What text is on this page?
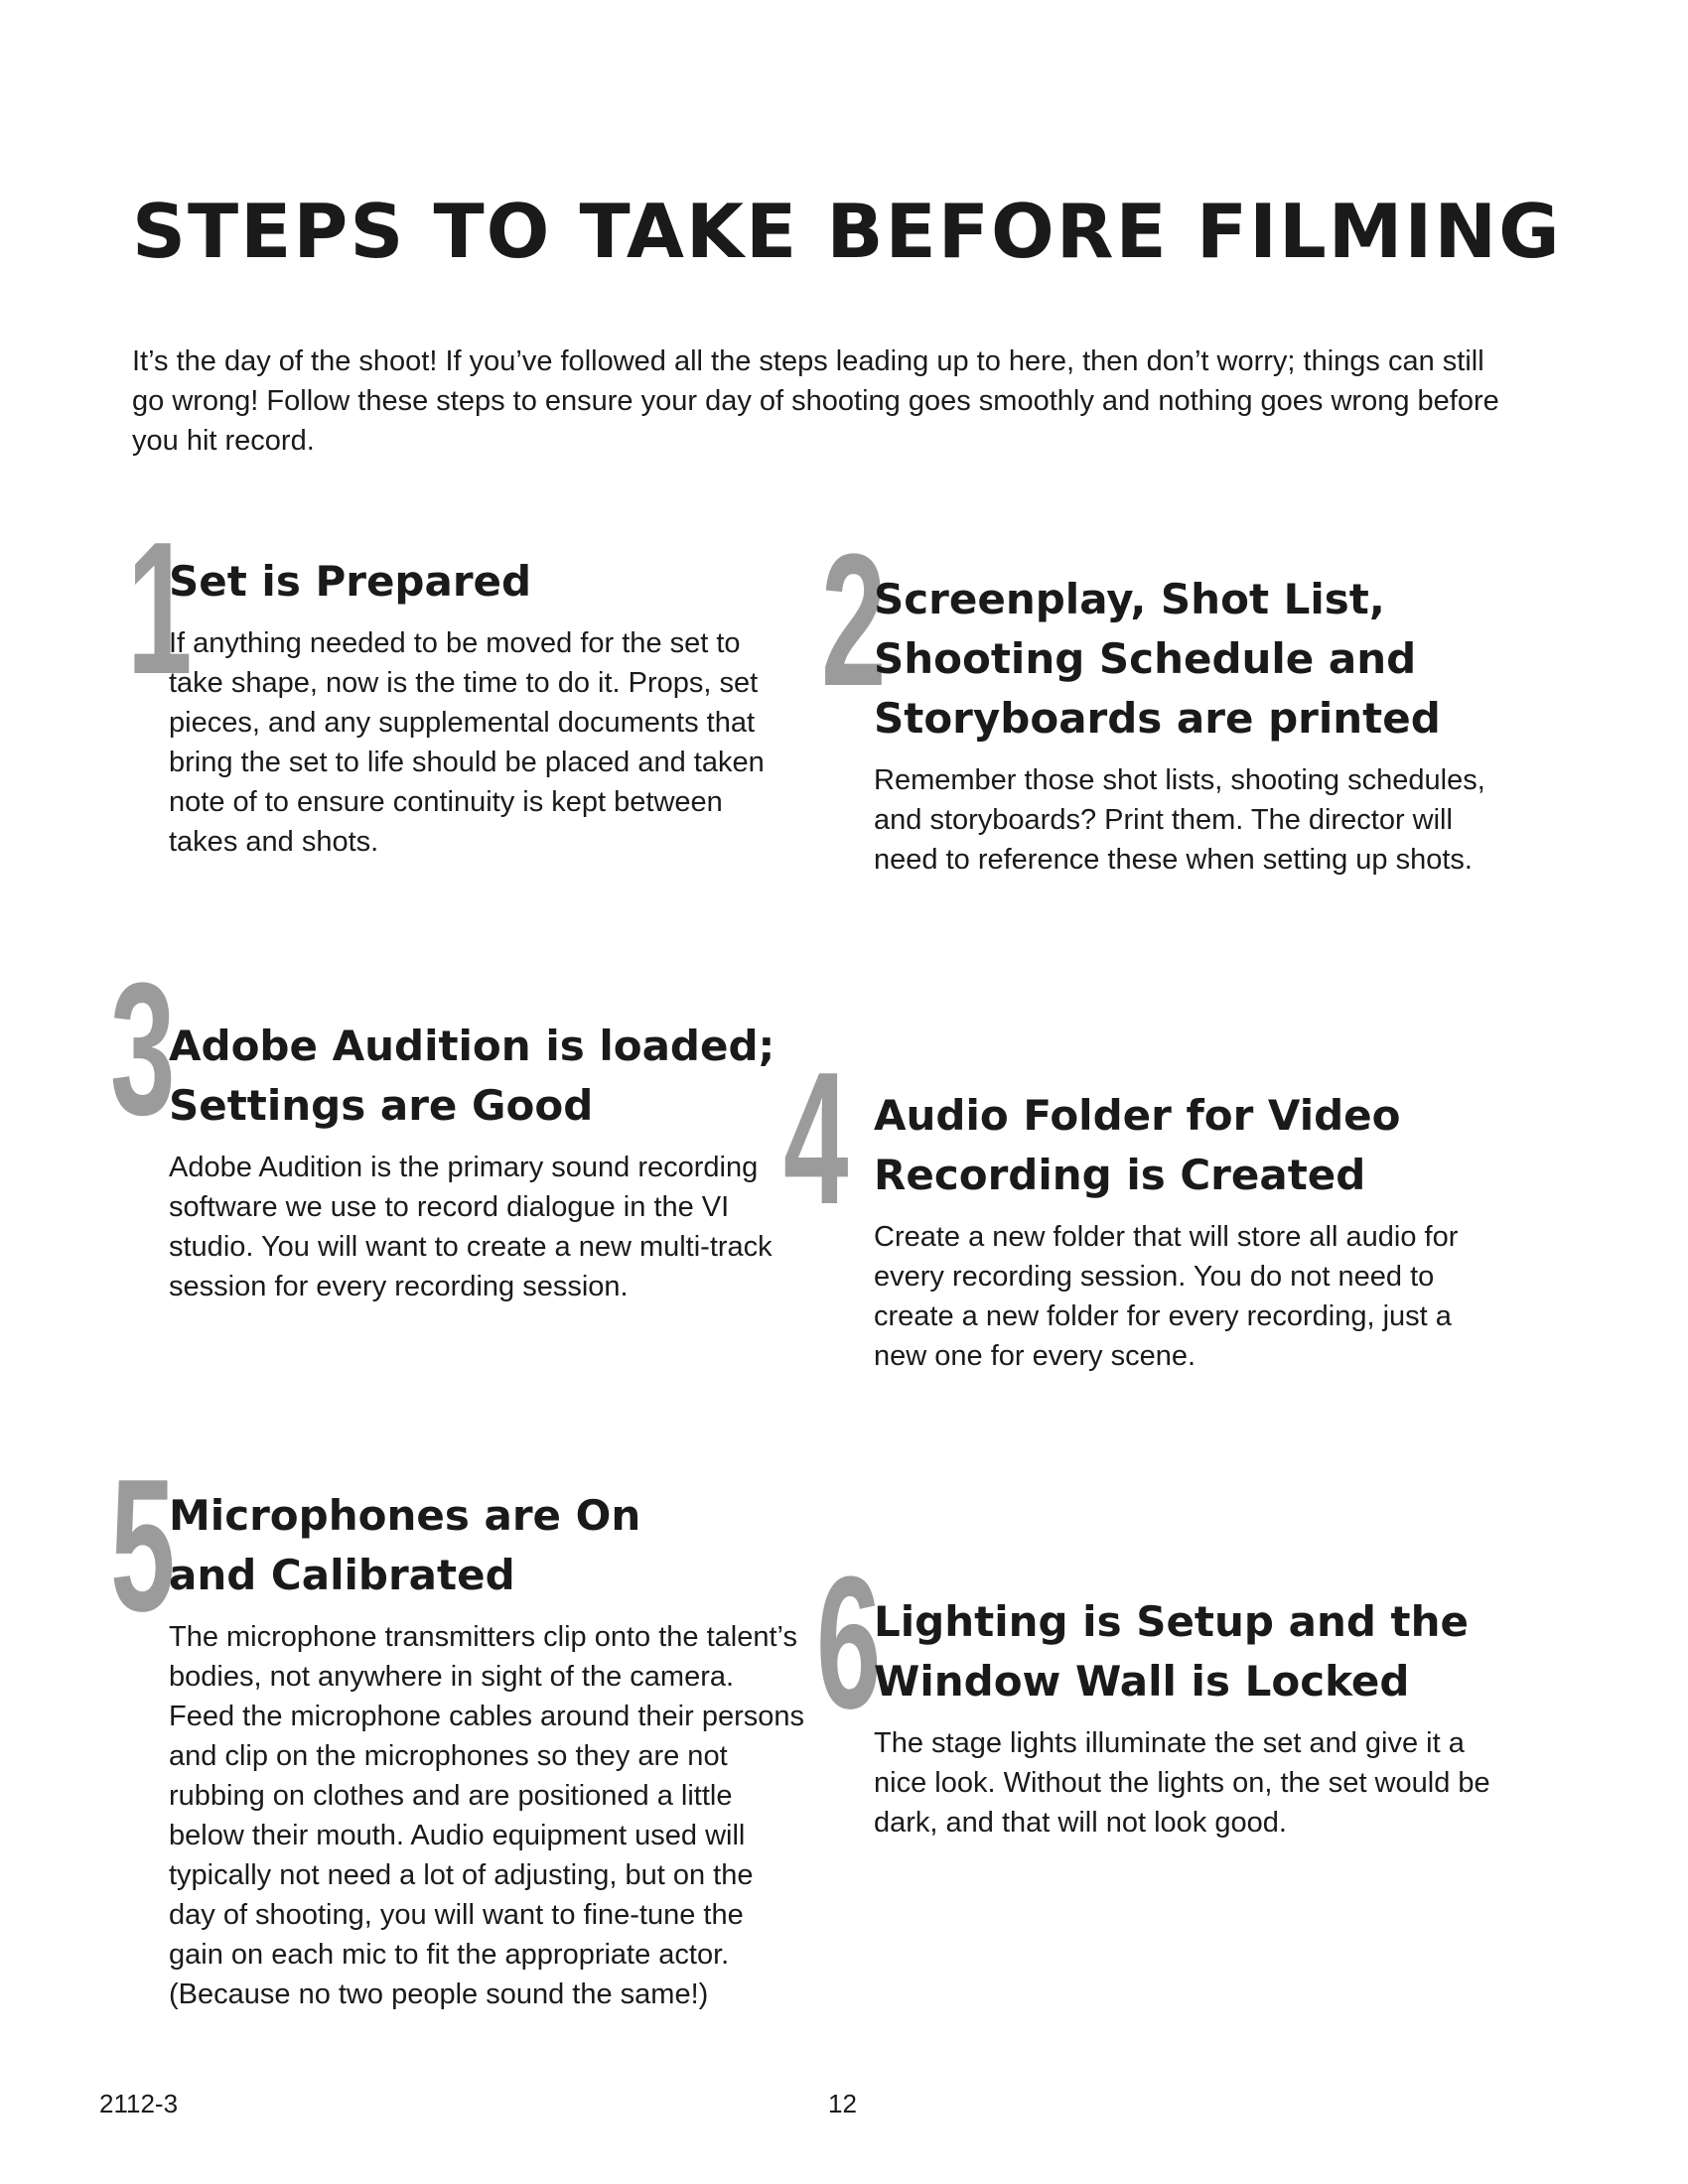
STEPS TO TAKE BEFORE FILMING

It’s the day of the shoot! If you’ve followed all the steps leading up to here, then don’t worry; things can still go wrong! Follow these steps to ensure your day of shooting goes smoothly and nothing goes wrong before you hit record.

1
Set is Prepared
If anything needed to be moved for the set to take shape, now is the time to do it. Props, set pieces, and any supplemental documents that bring the set to life should be placed and taken note of to ensure continuity is kept between takes and shots.
2
Screenplay, Shot List,
Shooting Schedule and
Storyboards are printed
Remember those shot lists, shooting schedules, and storyboards? Print them. The director will need to reference these when setting up shots.
3
Adobe Audition is loaded;
Settings are Good
Adobe Audition is the primary sound recording software we use to record dialogue in the VI studio. You will want to create a new multi-track session for every recording session.
4 Audio Folder for Video
Recording is Created
Create a new folder that will store all audio for every recording session. You do not need to create a new folder for every recording, just a new one for every scene.
5
Microphones are On
and Calibrated
The microphone transmitters clip onto the talent’s bodies, not anywhere in sight of the camera. Feed the microphone cables around their persons and clip on the microphones so they are not rubbing on clothes and are positioned a little below their mouth. Audio equipment used will typically not need a lot of adjusting, but on the day of shooting, you will want to fine-tune the gain on each mic to fit the appropriate actor. (Because no two people sound the same!)
6
Lighting is Setup and the
Window Wall is Locked
The stage lights illuminate the set and give it a nice look. Without the lights on, the set would be dark, and that will not look good.
2112-3	12
